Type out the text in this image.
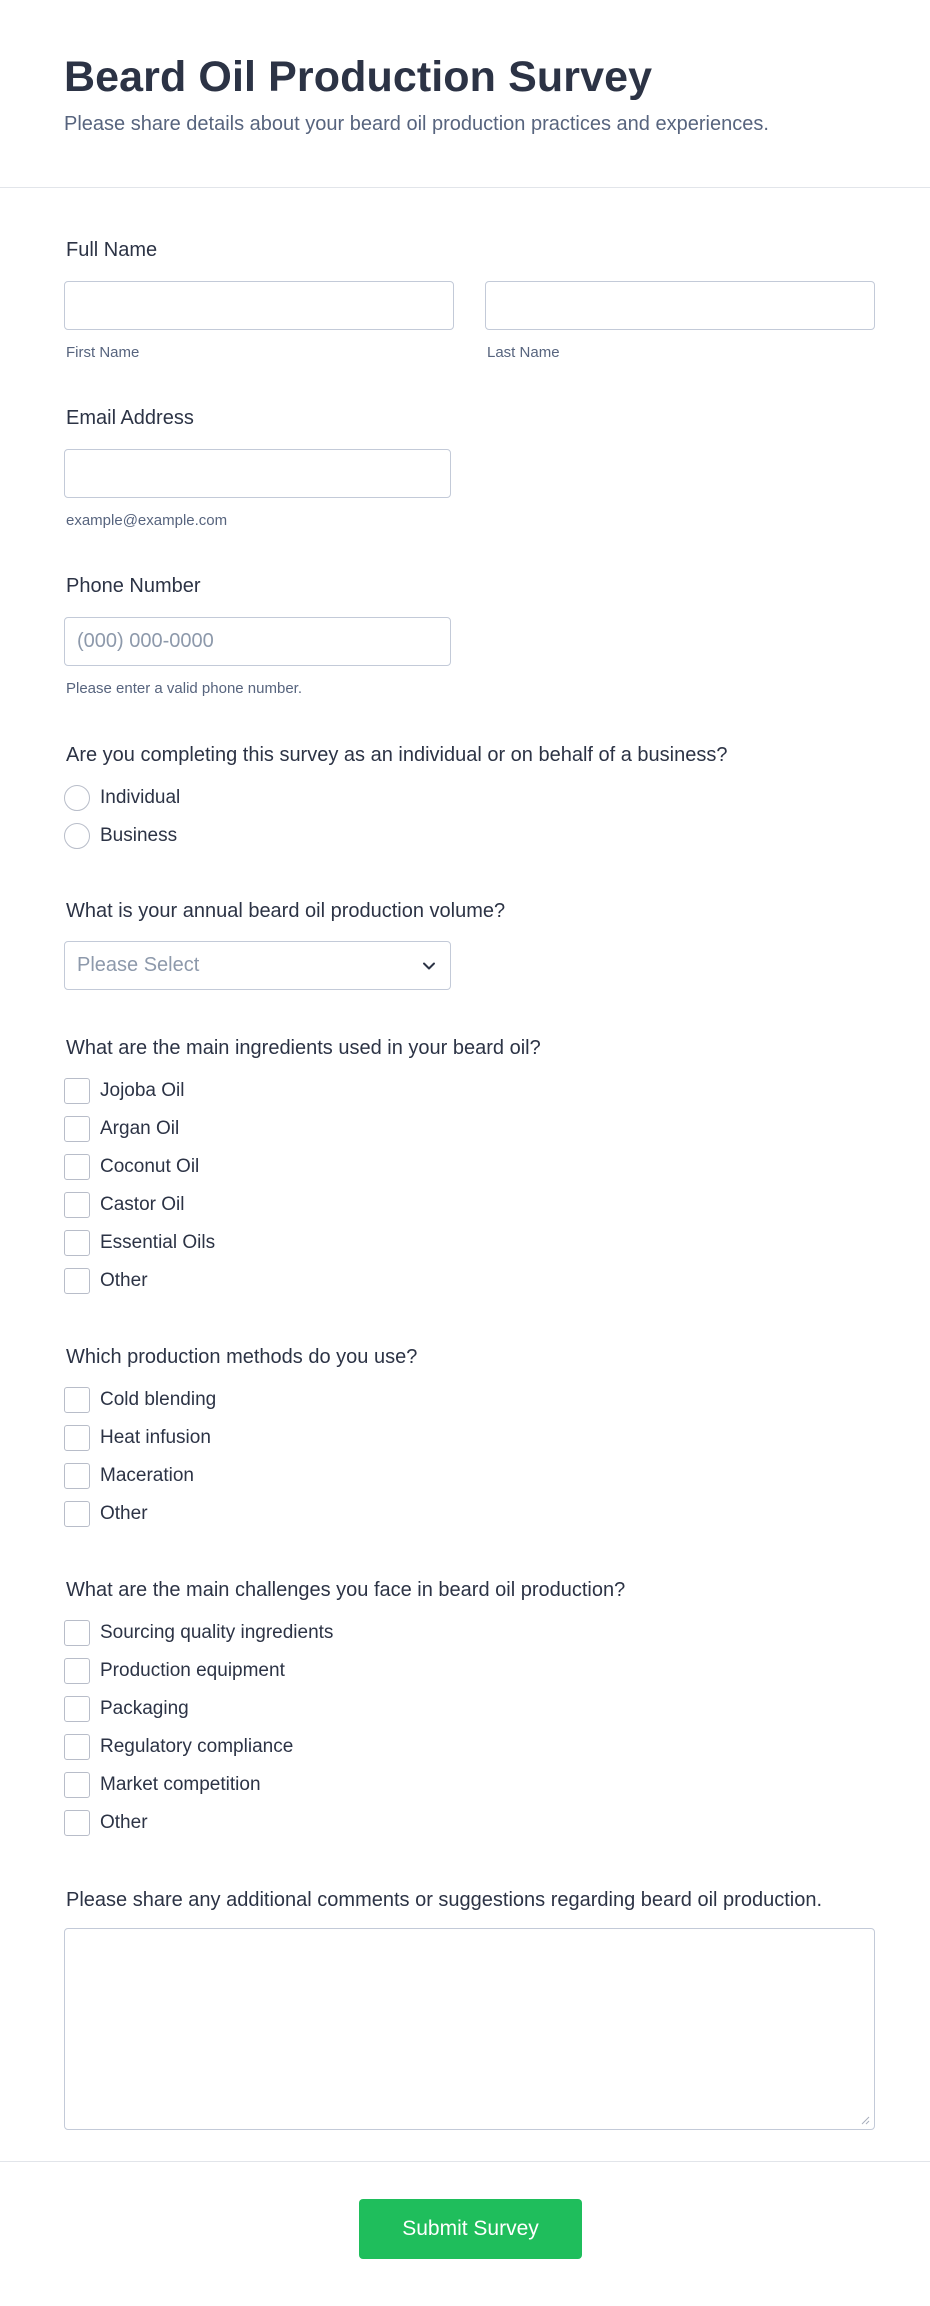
Beard Oil Production Survey
Please share details about your beard oil production practices and experiences.
Full Name
First Name	Last Name
Email Address
example@example.com
Phone Number
(000) 000-0000
Please enter a valid phone number.
Are you completing this survey as an individual or on behalf of a business?
Individual
Business
What is your annual beard oil production volume?
Please Select
What are the main ingredients used in your beard oil?
Jojoba Oil
Argan Oil
Coconut Oil
Castor Oil
Essential Oils
Other
Which production methods do you use?
Cold blending
Heat infusion
Maceration
Other
What are the main challenges you face in beard oil production?
Sourcing quality ingredients
Production equipment
Packaging
Regulatory compliance
Market competition
Other
Please share any additional comments or suggestions regarding beard oil production.
Submit Survey
